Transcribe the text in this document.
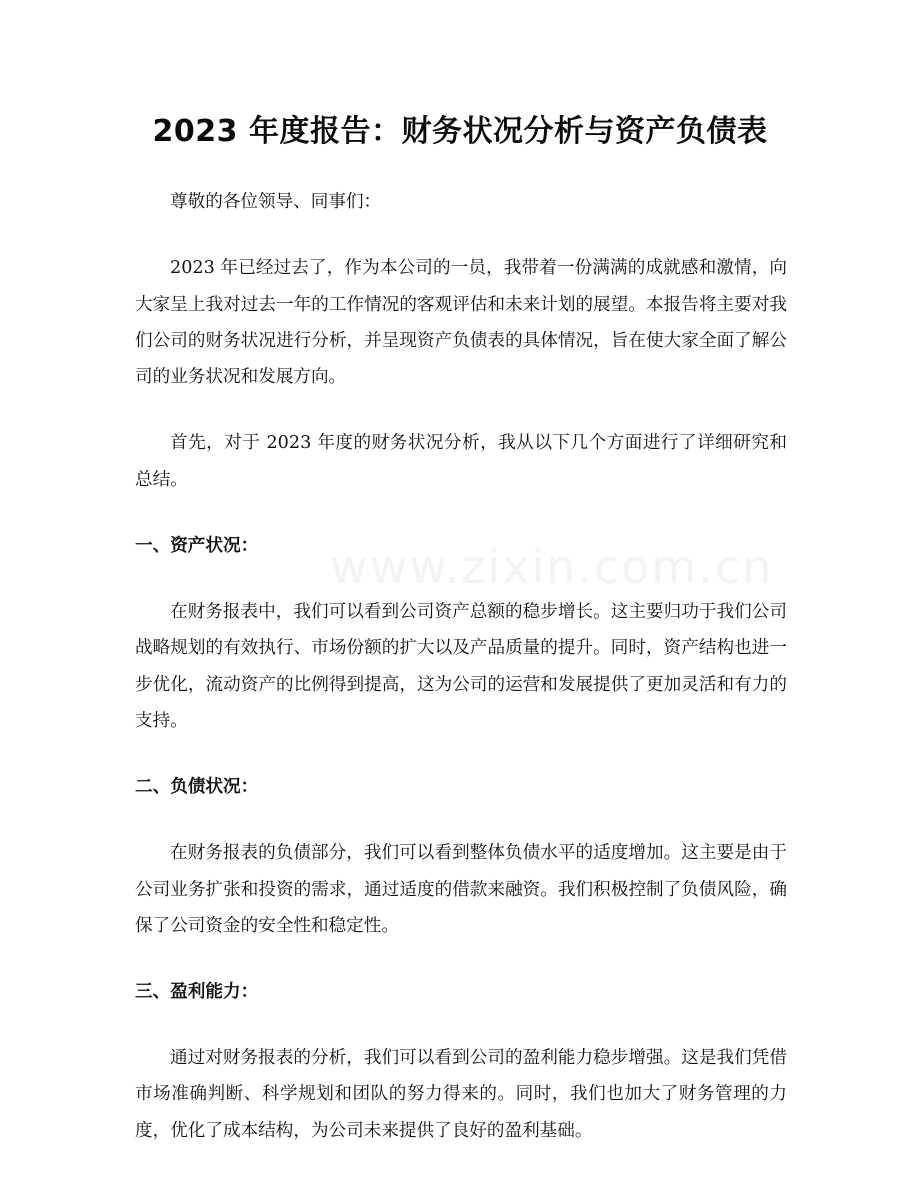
2023 年度报告：财务状况分析与资产负债表
www.zixin.com.cn

尊敬的各位领导、同事们：

2023 年已经过去了，作为本公司的一员，我带着一份满满的成就感和激情，向大家呈上我对过去一年的工作情况的客观评估和未来计划的展望。本报告将主要对我们公司的财务状况进行分析，并呈现资产负债表的具体情况，旨在使大家全面了解公司的业务状况和发展方向。

首先，对于 2023 年度的财务状况分析，我从以下几个方面进行了详细研究和总结。

一、资产状况：

在财务报表中，我们可以看到公司资产总额的稳步增长。这主要归功于我们公司战略规划的有效执行、市场份额的扩大以及产品质量的提升。同时，资产结构也进一步优化，流动资产的比例得到提高，这为公司的运营和发展提供了更加灵活和有力的支持。

二、负债状况：

在财务报表的负债部分，我们可以看到整体负债水平的适度增加。这主要是由于公司业务扩张和投资的需求，通过适度的借款来融资。我们积极控制了负债风险，确保了公司资金的安全性和稳定性。

三、盈利能力：

通过对财务报表的分析，我们可以看到公司的盈利能力稳步增强。这是我们凭借市场准确判断、科学规划和团队的努力得来的。同时，我们也加大了财务管理的力度，优化了成本结构，为公司未来提供了良好的盈利基础。
